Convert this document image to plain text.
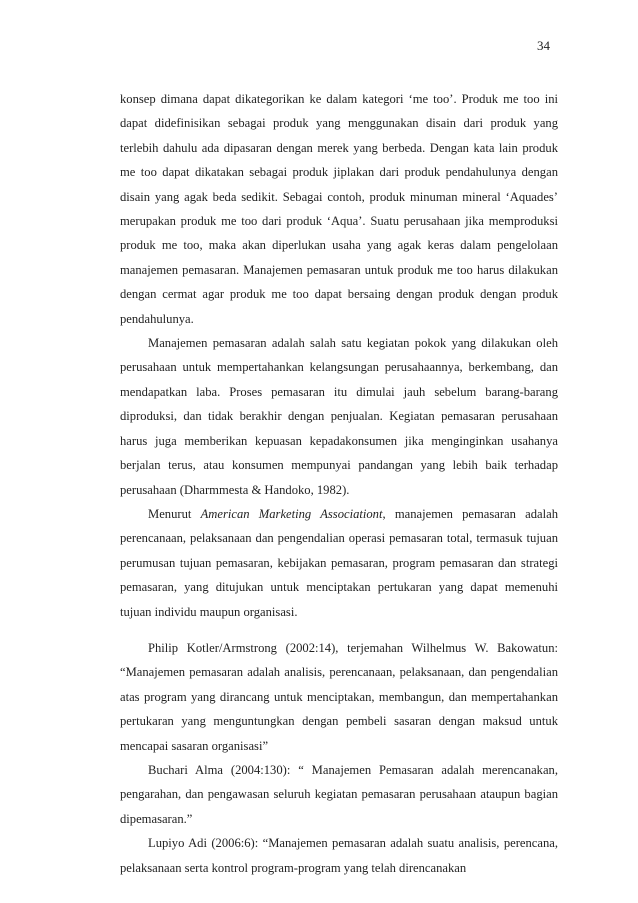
34

konsep dimana dapat dikategorikan ke dalam kategori ‘me too’. Produk me too ini dapat didefinisikan sebagai produk yang menggunakan disain dari produk yang terlebih dahulu ada dipasaran dengan merek yang berbeda. Dengan kata lain produk me too dapat dikatakan sebagai produk jiplakan dari produk pendahulunya dengan disain yang agak beda sedikit. Sebagai contoh, produk minuman mineral ‘Aquades’ merupakan produk me too dari produk ‘Aqua’. Suatu perusahaan jika memproduksi produk me too, maka akan diperlukan usaha yang agak keras dalam pengelolaan manajemen pemasaran. Manajemen pemasaran untuk produk me too harus dilakukan dengan cermat agar produk me too dapat bersaing dengan produk dengan produk pendahulunya.

Manajemen pemasaran adalah salah satu kegiatan pokok yang dilakukan oleh perusahaan untuk mempertahankan kelangsungan perusahaannya, berkembang, dan mendapatkan laba. Proses pemasaran itu dimulai jauh sebelum barang-barang diproduksi, dan tidak berakhir dengan penjualan. Kegiatan pemasaran perusahaan harus juga memberikan kepuasan kepadakonsumen jika menginginkan usahanya berjalan terus, atau konsumen mempunyai pandangan yang lebih baik terhadap perusahaan (Dharmmesta & Handoko, 1982).

Menurut American Marketing Associationt, manajemen pemasaran adalah perencanaan, pelaksanaan dan pengendalian operasi pemasaran total, termasuk tujuan perumusan tujuan pemasaran, kebijakan pemasaran, program pemasaran dan strategi pemasaran, yang ditujukan untuk menciptakan pertukaran yang dapat memenuhi tujuan individu maupun organisasi.

Philip Kotler/Armstrong (2002:14), terjemahan Wilhelmus W. Bakowatun: “Manajemen pemasaran adalah analisis, perencanaan, pelaksanaan, dan pengendalian atas program yang dirancang untuk menciptakan, membangun, dan mempertahankan pertukaran yang menguntungkan dengan pembeli sasaran dengan maksud untuk mencapai sasaran organisasi”

Buchari Alma (2004:130): “ Manajemen Pemasaran adalah merencanakan, pengarahan, dan pengawasan seluruh kegiatan pemasaran perusahaan ataupun bagian dipemasaran.”

Lupiyo Adi (2006:6): “Manajemen pemasaran adalah suatu analisis, perencana, pelaksanaan serta kontrol program-program yang telah direncanakan
